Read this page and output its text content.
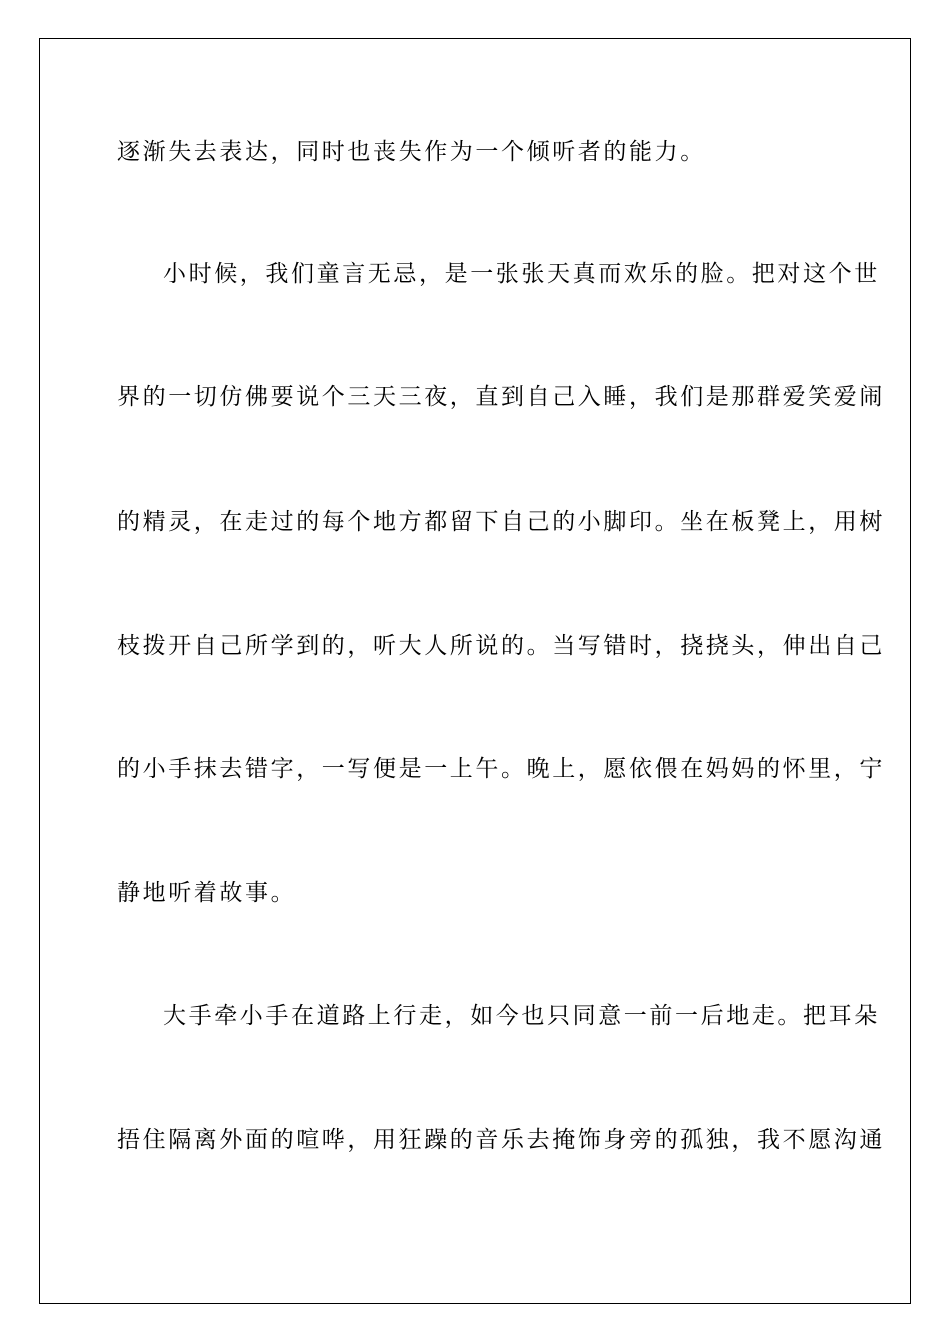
逐渐失去表达，同时也丧失作为一个倾听者的能力。
小时候，我们童言无忌，是一张张天真而欢乐的脸。把对这个世
界的一切仿佛要说个三天三夜，直到自己入睡，我们是那群爱笑爱闹
的精灵，在走过的每个地方都留下自己的小脚印。坐在板凳上，用树
枝拨开自己所学到的，听大人所说的。当写错时，挠挠头，伸出自己
的小手抹去错字，一写便是一上午。晚上，愿依偎在妈妈的怀里，宁
静地听着故事。
大手牵小手在道路上行走，如今也只同意一前一后地走。把耳朵
捂住隔离外面的喧哗，用狂躁的音乐去掩饰身旁的孤独，我不愿沟通
